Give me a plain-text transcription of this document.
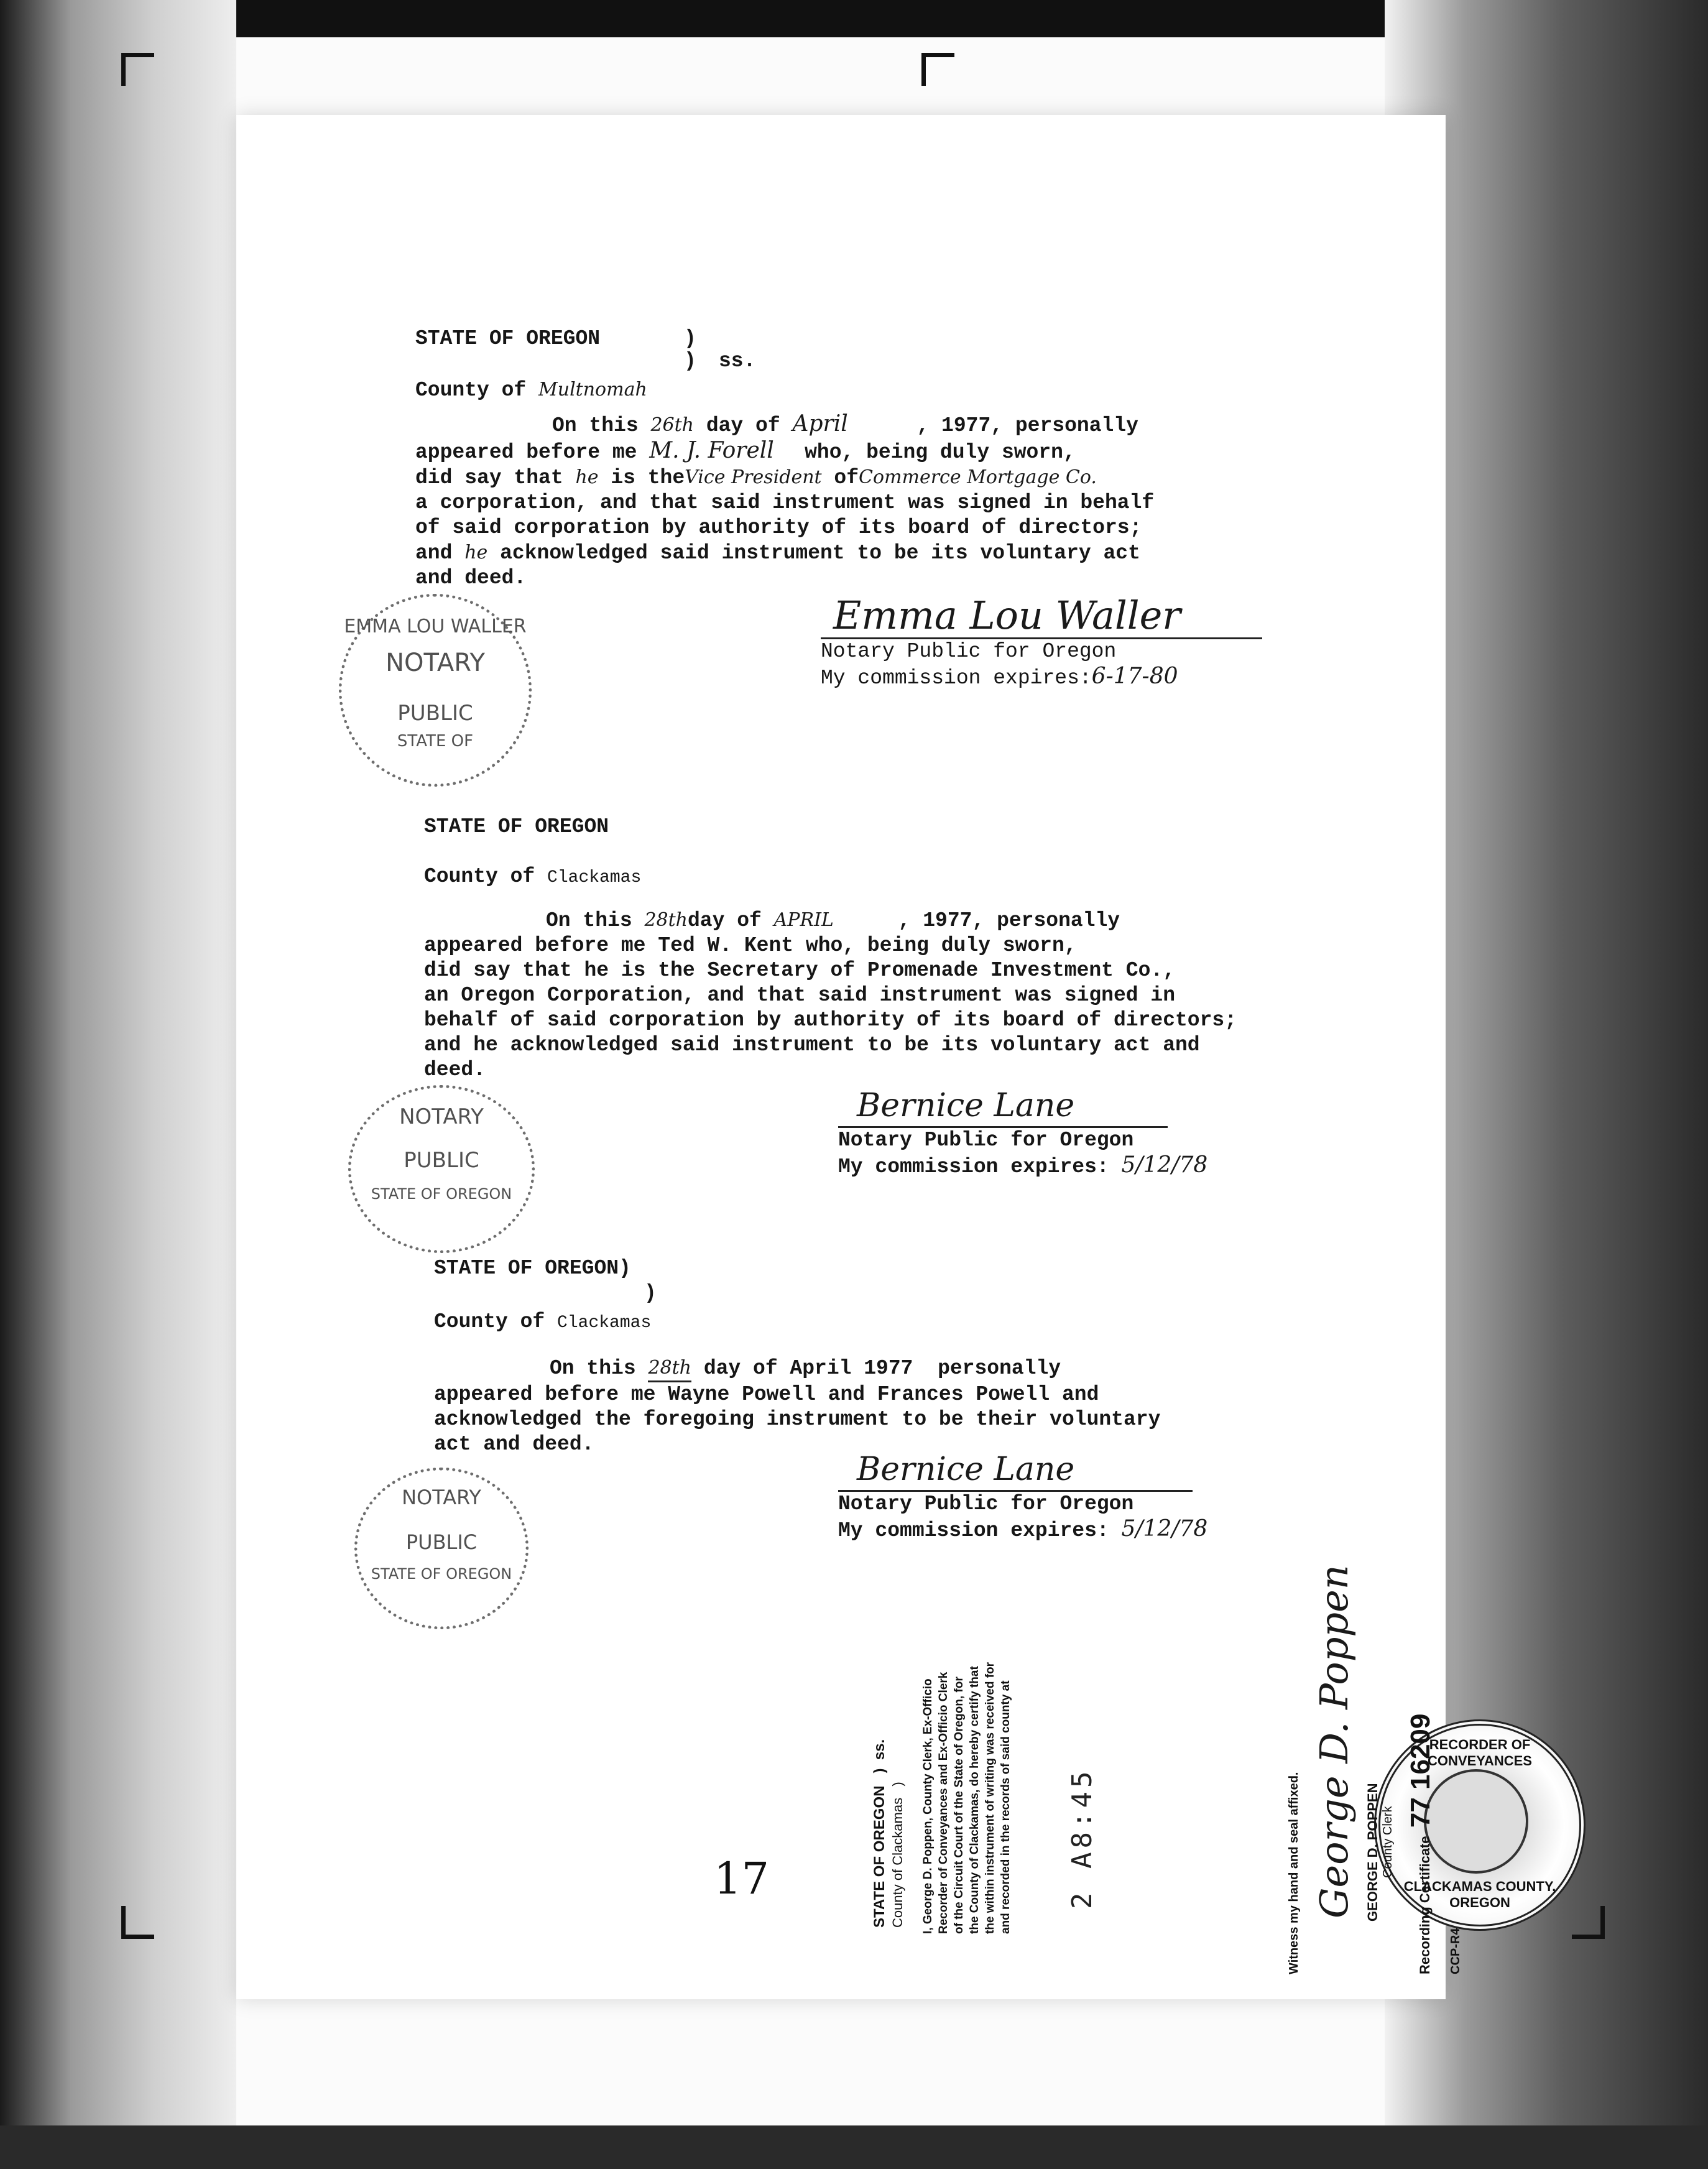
STATE OF OREGON	)
) ss.

County of Multnomah
On this 26th day of April	, 1977, personally
appeared before me M. J. Forell who, being duly sworn,
did say that he is theVice President ofCommerce Mortgage Co.
a corporation, and that said instrument was signed in behalf
of said corporation by authority of its board of directors;
and he acknowledged said instrument to be its voluntary act
and deed.
EMMA LOU WALLER
NOTARY
PUBLIC
STATE OF
Emma Lou Waller
Notary Public for Oregon
My commission expires:6-17-80
STATE OF OREGON
County of Clackamas
On this 28thday of APRIL	, 1977, personally
appeared before me Ted W. Kent who, being duly sworn,
did say that he is the Secretary of Promenade Investment Co.,
an Oregon Corporation, and that said instrument was signed in
behalf of said corporation by authority of its board of directors;
and he acknowledged said instrument to be its voluntary act and
deed.
NOTARY
PUBLIC
STATE OF OREGON
Bernice Lane
Notary Public for Oregon
My commission expires: 5/12/78
STATE OF OREGON)
)
County of Clackamas
On this 28th day of April 1977  personally
appeared before me Wayne Powell and Frances Powell and
acknowledged the foregoing instrument to be their voluntary
act and deed.
NOTARY
PUBLIC
STATE OF OREGON
Bernice Lane
Notary Public for Oregon
My commission expires: 5/12/78
17	STATE OF OREGON   )  ss. County of Clackamas   ) I, George D. Poppen, County Clerk, Ex-Officio Recorder of Conveyances and Ex-Officio Clerk of the Circuit Court of the State of Oregon, for the County of Clackamas, do hereby certify that the within instrument of writing was received for and recorded in the records of said county at 2 A8:45
RECORDER OF CONVEYANCES
CLACKAMAS COUNTY, OREGON
Witness my hand and seal affixed. George D. Poppen GEORGE D. POPPEN County Clerk	Recording Certificate   77 16209
CCP-R4
